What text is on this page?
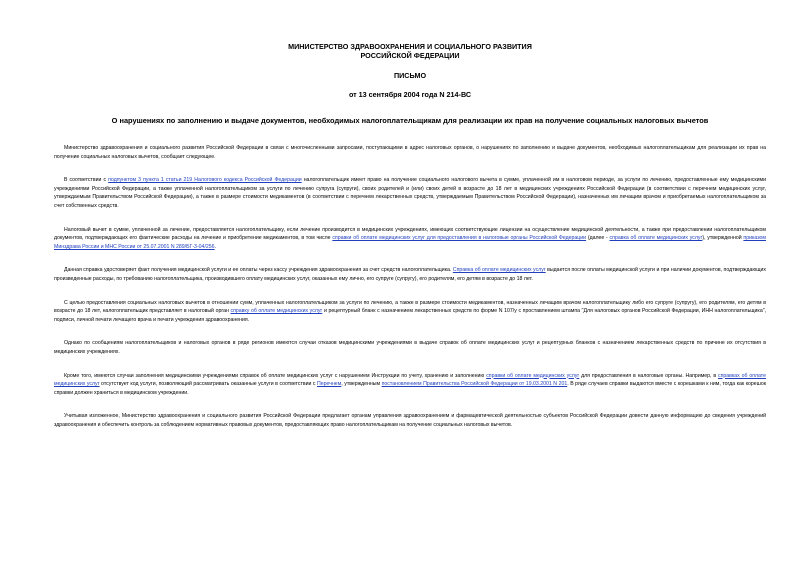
МИНИСТЕРСТВО ЗДРАВООХРАНЕНИЯ И СОЦИАЛЬНОГО РАЗВИТИЯ
РОССИЙСКОЙ ФЕДЕРАЦИИ
ПИСЬМО
от 13 сентября 2004 года N 214-ВС
О нарушениях по заполнению и выдаче документов, необходимых налогоплательщикам для реализации их прав на получение социальных налоговых вычетов

Министерство здравоохранения и социального развития Российской Федерации в связи с многочисленными запросами, поступающими в адрес налоговых органов, о нарушениях по заполнению и выдаче документов, необходимых налогоплательщикам для реализации их прав на получение социальных налоговых вычетов, сообщает следующее.

В соответствии с подпунктом 3 пункта 1 статьи 219 Налогового кодекса Российской Федерации налогоплательщик имеет право на получение социального налогового вычета в сумме, уплаченной им в налоговом периоде, за услуги по лечению, предоставленные ему медицинскими учреждениями Российской Федерации, а также уплаченной налогоплательщиком за услуги по лечению супруга (супруги), своих родителей и (или) своих детей в возрасте до 18 лет в медицинских учреждениях Российской Федерации (в соответствии с перечнем медицинских услуг, утверждаемым Правительством Российской Федерации), а также в размере стоимости медикаментов (в соответствии с перечнем лекарственных средств, утверждаемым Правительством Российской Федерации), назначенных им лечащим врачом и приобретаемых налогоплательщиком за счет собственных средств.

Налоговый вычет в сумме, уплаченной за лечение, предоставляется налогоплательщику, если лечение производится в медицинских учреждениях, имеющих соответствующие лицензии на осуществление медицинской деятельности, а также при предоставлении налогоплательщиком документов, подтверждающих его фактические расходы на лечение и приобретение медикаментов, в том числе справки об оплате медицинских услуг для предоставления в налоговые органы Российской Федерации (далее - справка об оплате медицинских услуг), утвержденной приказом Минздрава России и МНС России от 25.07.2001 N 289/БГ-3-04/256.

Данная справка удостоверяет факт получения медицинской услуги и ее оплаты через кассу учреждения здравоохранения за счет средств налогоплательщика. Справка об оплате медицинских услуг выдается после оплаты медицинской услуги и при наличии документов, подтверждающих произведенные расходы, по требованию налогоплательщика, производившего оплату медицинских услуг, оказанных ему лично, его супруге (супругу), его родителям, его детям в возрасте до 18 лет.

С целью предоставления социальных налоговых вычетов в отношении сумм, уплаченных налогоплательщиком за услуги по лечению, а также в размере стоимости медикаментов, назначенных лечащим врачом налогоплательщику либо его супруге (супругу), его родителям, его детям в возрасте до 18 лет, налогоплательщик представляет в налоговый орган справку об оплате медицинских услуг и рецептурный бланк с назначением лекарственных средств по форме N 107/у с проставлением штампа "Для налоговых органов Российской Федерации, ИНН налогоплательщика", подписи, личной печати лечащего врача и печати учреждения здравоохранения.

Однако по сообщениям налогоплательщиков и налоговых органов в ряде регионов имеются случаи отказов медицинскими учреждениями в выдаче справок об оплате медицинских услуг и рецептурных бланков с назначением лекарственных средств по причине их отсутствия в медицинских учреждениях.

Кроме того, имеются случаи заполнения медицинскими учреждениями справок об оплате медицинских услуг с нарушением Инструкции по учету, хранению и заполнению справки об оплате медицинских услуг для предоставления в налоговые органы. Например, в справках об оплате медицинских услуг отсутствует код услуги, позволяющий рассматривать оказанные услуги в соответствии с Перечнем, утвержденным постановлением Правительства Российской Федерации от 19.03.2001 N 201. В ряде случаев справки выдаются вместе с корешками к ним, тогда как корешок справки должен храниться в медицинском учреждении.

Учитывая изложенное, Министерство здравоохранения и социального развития Российской Федерации предлагает органам управления здравоохранением и фармацевтической деятельностью субъектов Российской Федерации довести данную информацию до сведения учреждений здравоохранения и обеспечить контроль за соблюдением нормативных правовых документов, предоставляющих право налогоплательщикам на получение социальных налоговых вычетов.
